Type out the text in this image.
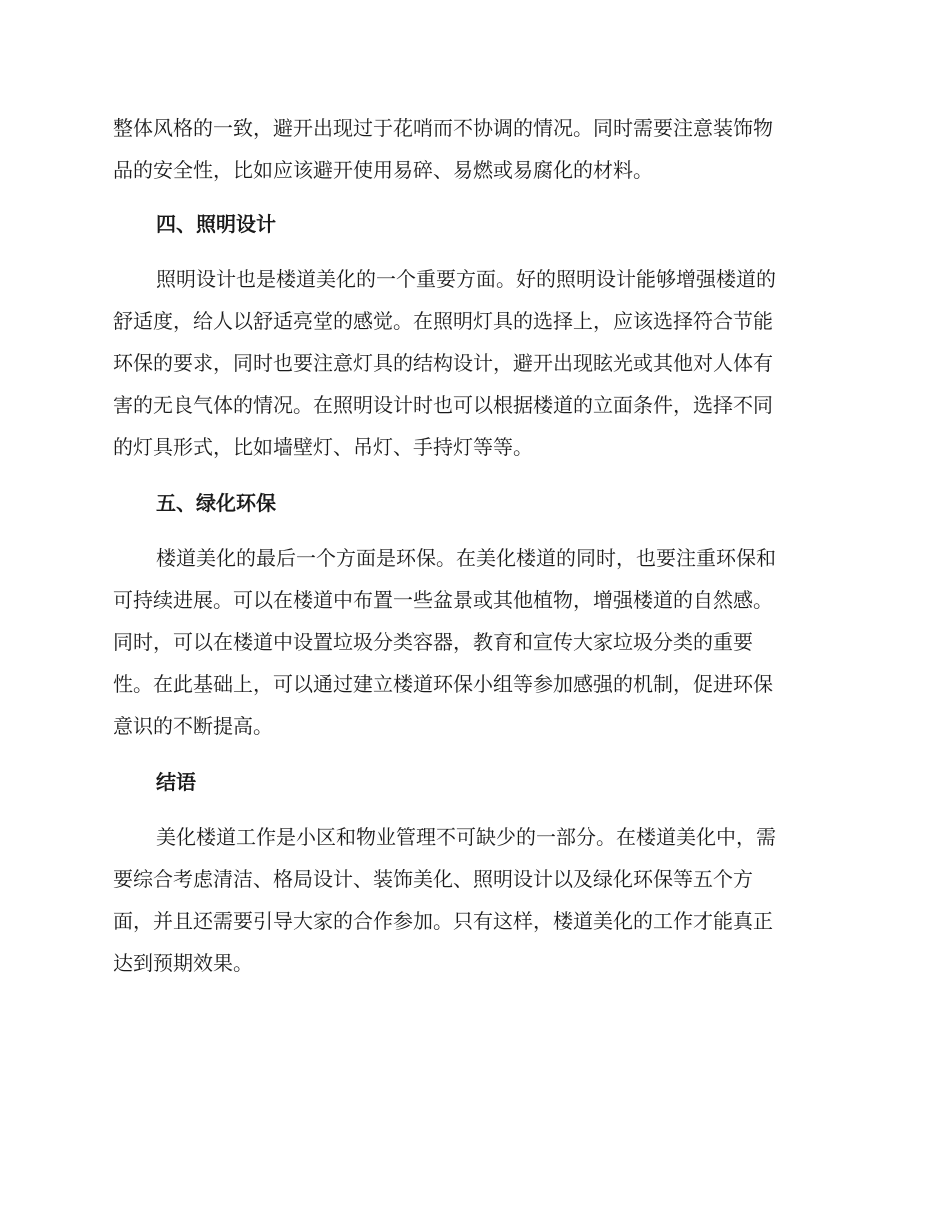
整体风格的一致，避开出现过于花哨而不协调的情况。同时需要注意装饰物
品的安全性，比如应该避开使用易碎、易燃或易腐化的材料。
四、照明设计
照明设计也是楼道美化的一个重要方面。好的照明设计能够增强楼道的
舒适度，给人以舒适亮堂的感觉。在照明灯具的选择上，应该选择符合节能
环保的要求，同时也要注意灯具的结构设计，避开出现眩光或其他对人体有
害的无良气体的情况。在照明设计时也可以根据楼道的立面条件，选择不同
的灯具形式，比如墙壁灯、吊灯、手持灯等等。
五、绿化环保
楼道美化的最后一个方面是环保。在美化楼道的同时，也要注重环保和
可持续进展。可以在楼道中布置一些盆景或其他植物，增强楼道的自然感。
同时，可以在楼道中设置垃圾分类容器，教育和宣传大家垃圾分类的重要
性。在此基础上，可以通过建立楼道环保小组等参加感强的机制，促进环保
意识的不断提高。
结语
美化楼道工作是小区和物业管理不可缺少的一部分。在楼道美化中，需
要综合考虑清洁、格局设计、装饰美化、照明设计以及绿化环保等五个方
面，并且还需要引导大家的合作参加。只有这样，楼道美化的工作才能真正
达到预期效果。
